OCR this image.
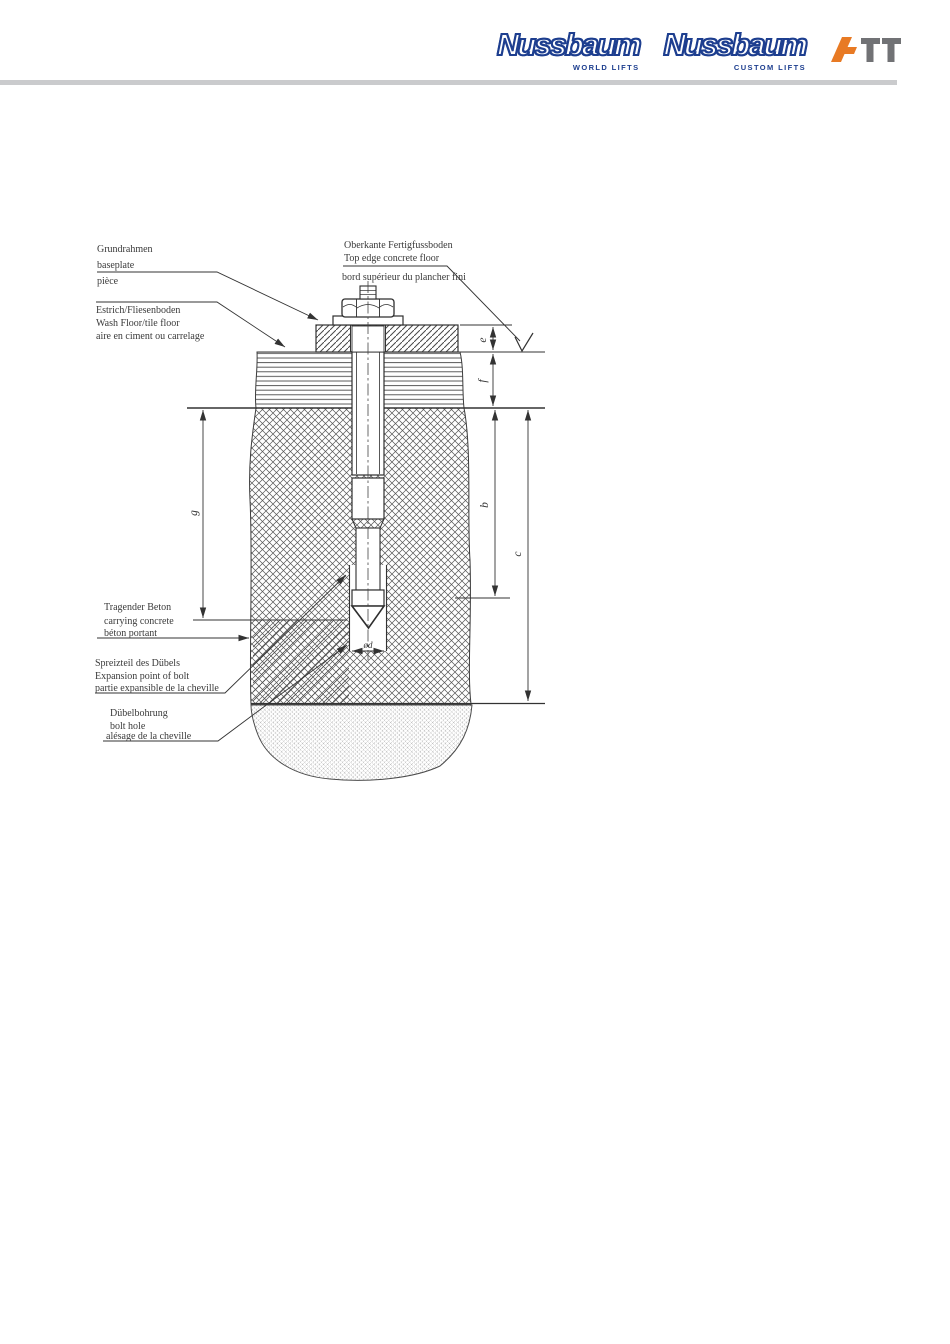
Nussbaum
WORLD LIFTS
Nussbaum
CUSTOM LIFTS
e
f
b
c
g
ød
Grundrahmen
baseplate
pièce
Estrich/Fliesenboden
Wash Floor/tile floor
aire en ciment ou carrelage
Oberkante Fertigfussboden
Top edge concrete floor
bord supérieur du plancher fini
Tragender Beton
carrying concrete
béton portant
Spreizteil des Dübels
Expansion point of bolt
partie expansible de la cheville
Dübelbohrung
bolt hole
alésage de la cheville
